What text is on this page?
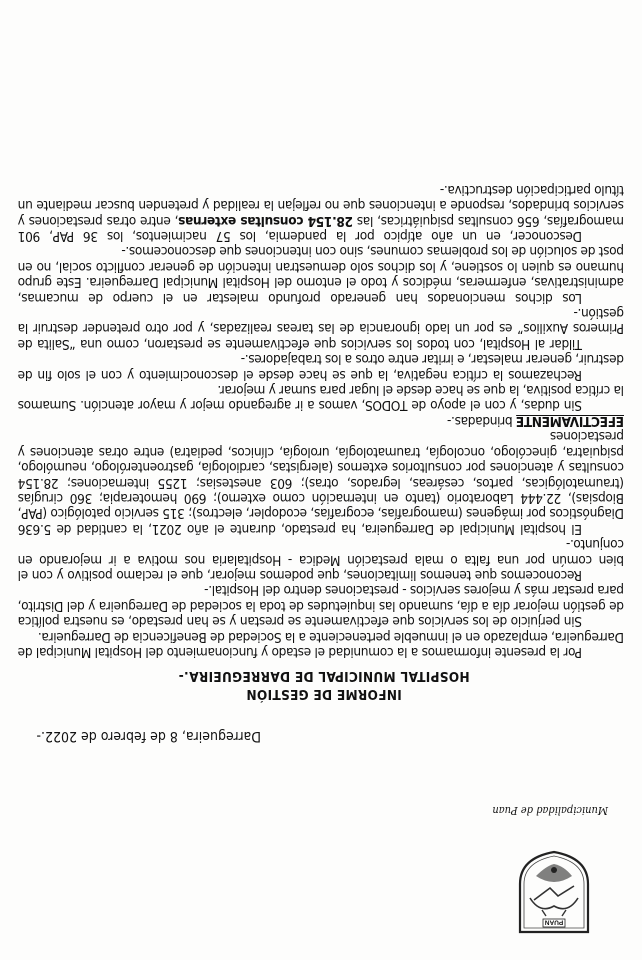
PUAN
Municipalidad de Puan
Darregueira, 8 de febrero de 2022.-
INFORME DE GESTIÓN
HOSPITAL MUNICIPAL DE DARREGUEIRA.-

Por la presente informamos a la comunidad el estado y funcionamiento del Hospital Municipal de Darregueira, emplazado en el inmueble perteneciente a la Sociedad de Beneficencia de Darregueira.

Sin perjuicio de los servicios que efectivamente se prestan y se han prestado, es nuestra política de gestión mejorar día a día, sumando las inquietudes de toda la sociedad de Darregueira y del Distrito, para prestar más y mejores servicios - prestaciones dentro del Hospital.-

Reconocemos que tenemos limitaciones, que podemos mejorar, que el reclamo positivo y con el bien común por una falta o mala prestación Medica - Hospitalaria nos motiva a ir mejorando en conjunto.-

El hospital Municipal de Darregueira, ha prestado, durante el año 2021, la cantidad de 5.636 Diagnósticos por imágenes (mamografías, ecografías, ecodopler, electros); 315 servicio patológico (PAP, Biopsias), 22.444 Laboratorio (tanto en internación como externo); 690 hemoterapia; 360 cirugías (traumatológicas, partos, cesáreas, legrados, otras); 603 anestesias; 1255 internaciones; 28.154 consultas y atenciones por consultorios externos (alergistas, cardiología, gastroenterólogo, neumólogo, psiquiatra, ginecólogo, oncología, traumatología, urología, clínicos, pediatra) entre otras atenciones y prestaciones
EFECTIVAMENTE brindadas.-

Sin dudas, y con el apoyo de TODOS, vamos a ir agregando mejor y mayor atención. Sumamos la crítica positiva, la que se hace desde el lugar para sumar y mejorar.

Rechazamos la crítica negativa, la que se hace desde el desconocimiento y con el solo fin de destruir, generar malestar, e irritar entre otros a los trabajadores.-

Tildar al Hospital, con todos los servicios que efectivamente se prestaron, como una “Salita de Primeros Auxilios” es por un lado ignorancia de las tareas realizadas, y por otro pretender destruir la gestión.-

Los dichos mencionados han generado profundo malestar en el cuerpo de mucamas, administrativas, enfermeras, médicos y todo el entorno del Hospital Municipal Darregueira. Este grupo humano es quien lo sostiene, y los dichos solo demuestran intención de generar conflicto social, no en post de solución de los problemas comunes, sino con intenciones que desconocemos.-

Desconocer, en un año atípico por la pandemia, los 57 nacimientos, los 36 PAP, 901 mamografías, 656 consultas psiquiátricas, las 28.154 consultas externas, entre otras prestaciones y servicios brindados, responde a intenciones que no reflejan la realidad y pretenden buscar mediante un título participación destructiva.-
